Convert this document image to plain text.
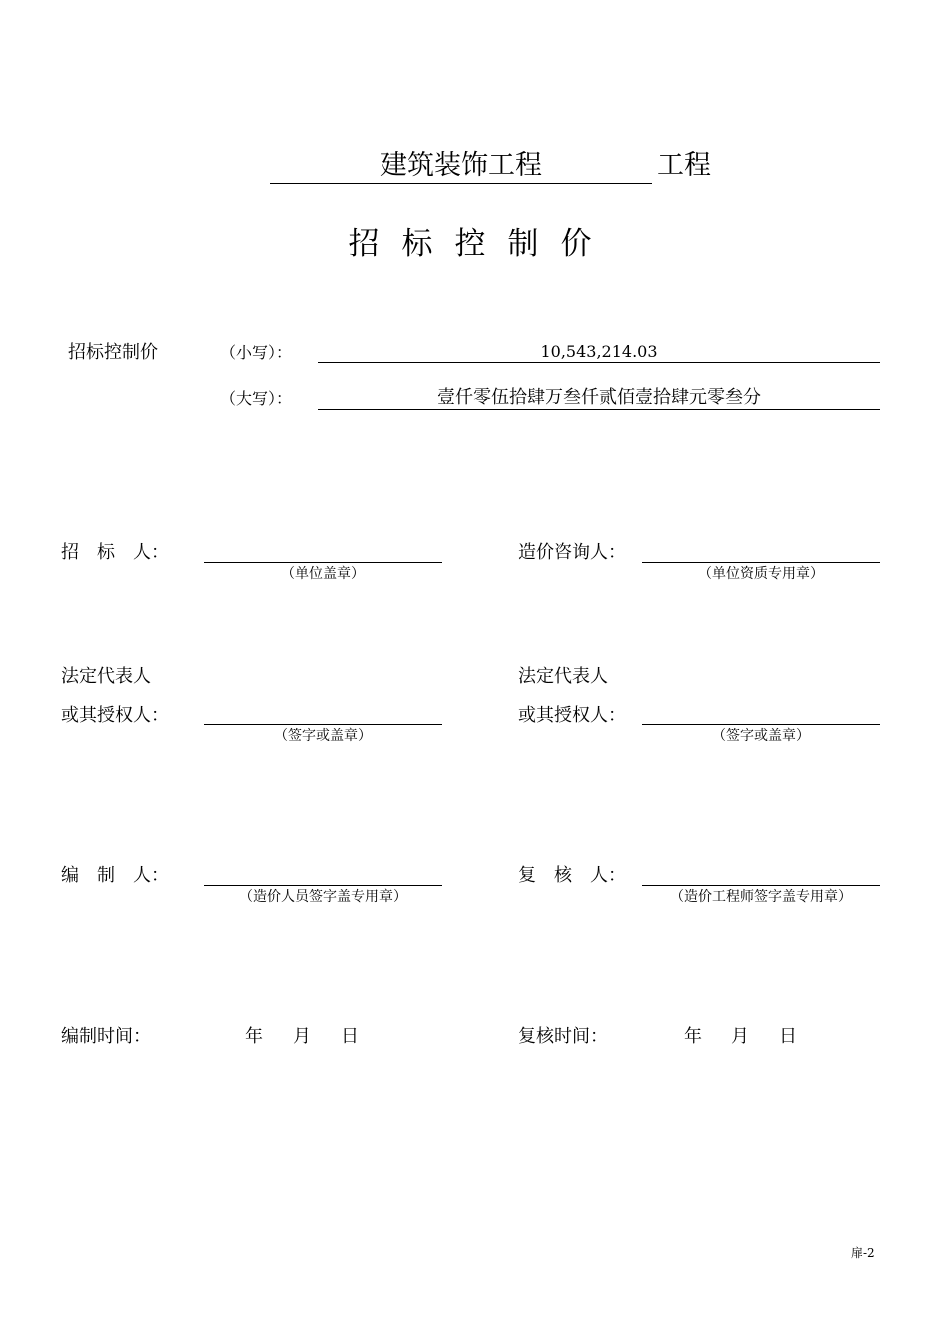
建筑装饰工程	工程
招标控制价
招标控制价	（小写）：	10,543,214.03
（大写）：	壹仟零伍拾肆万叁仟贰佰壹拾肆元零叁分
招　标　人：
（单位盖章）
造价咨询人：
（单位资质专用章）
法定代表人
或其授权人：
（签字或盖章）
法定代表人
或其授权人：
（签字或盖章）
编　制　人：
（造价人员签字盖专用章）
复　核　人：
（造价工程师签字盖专用章）
编制时间：	年 月 日	复核时间：	年 月 日
扉-2
